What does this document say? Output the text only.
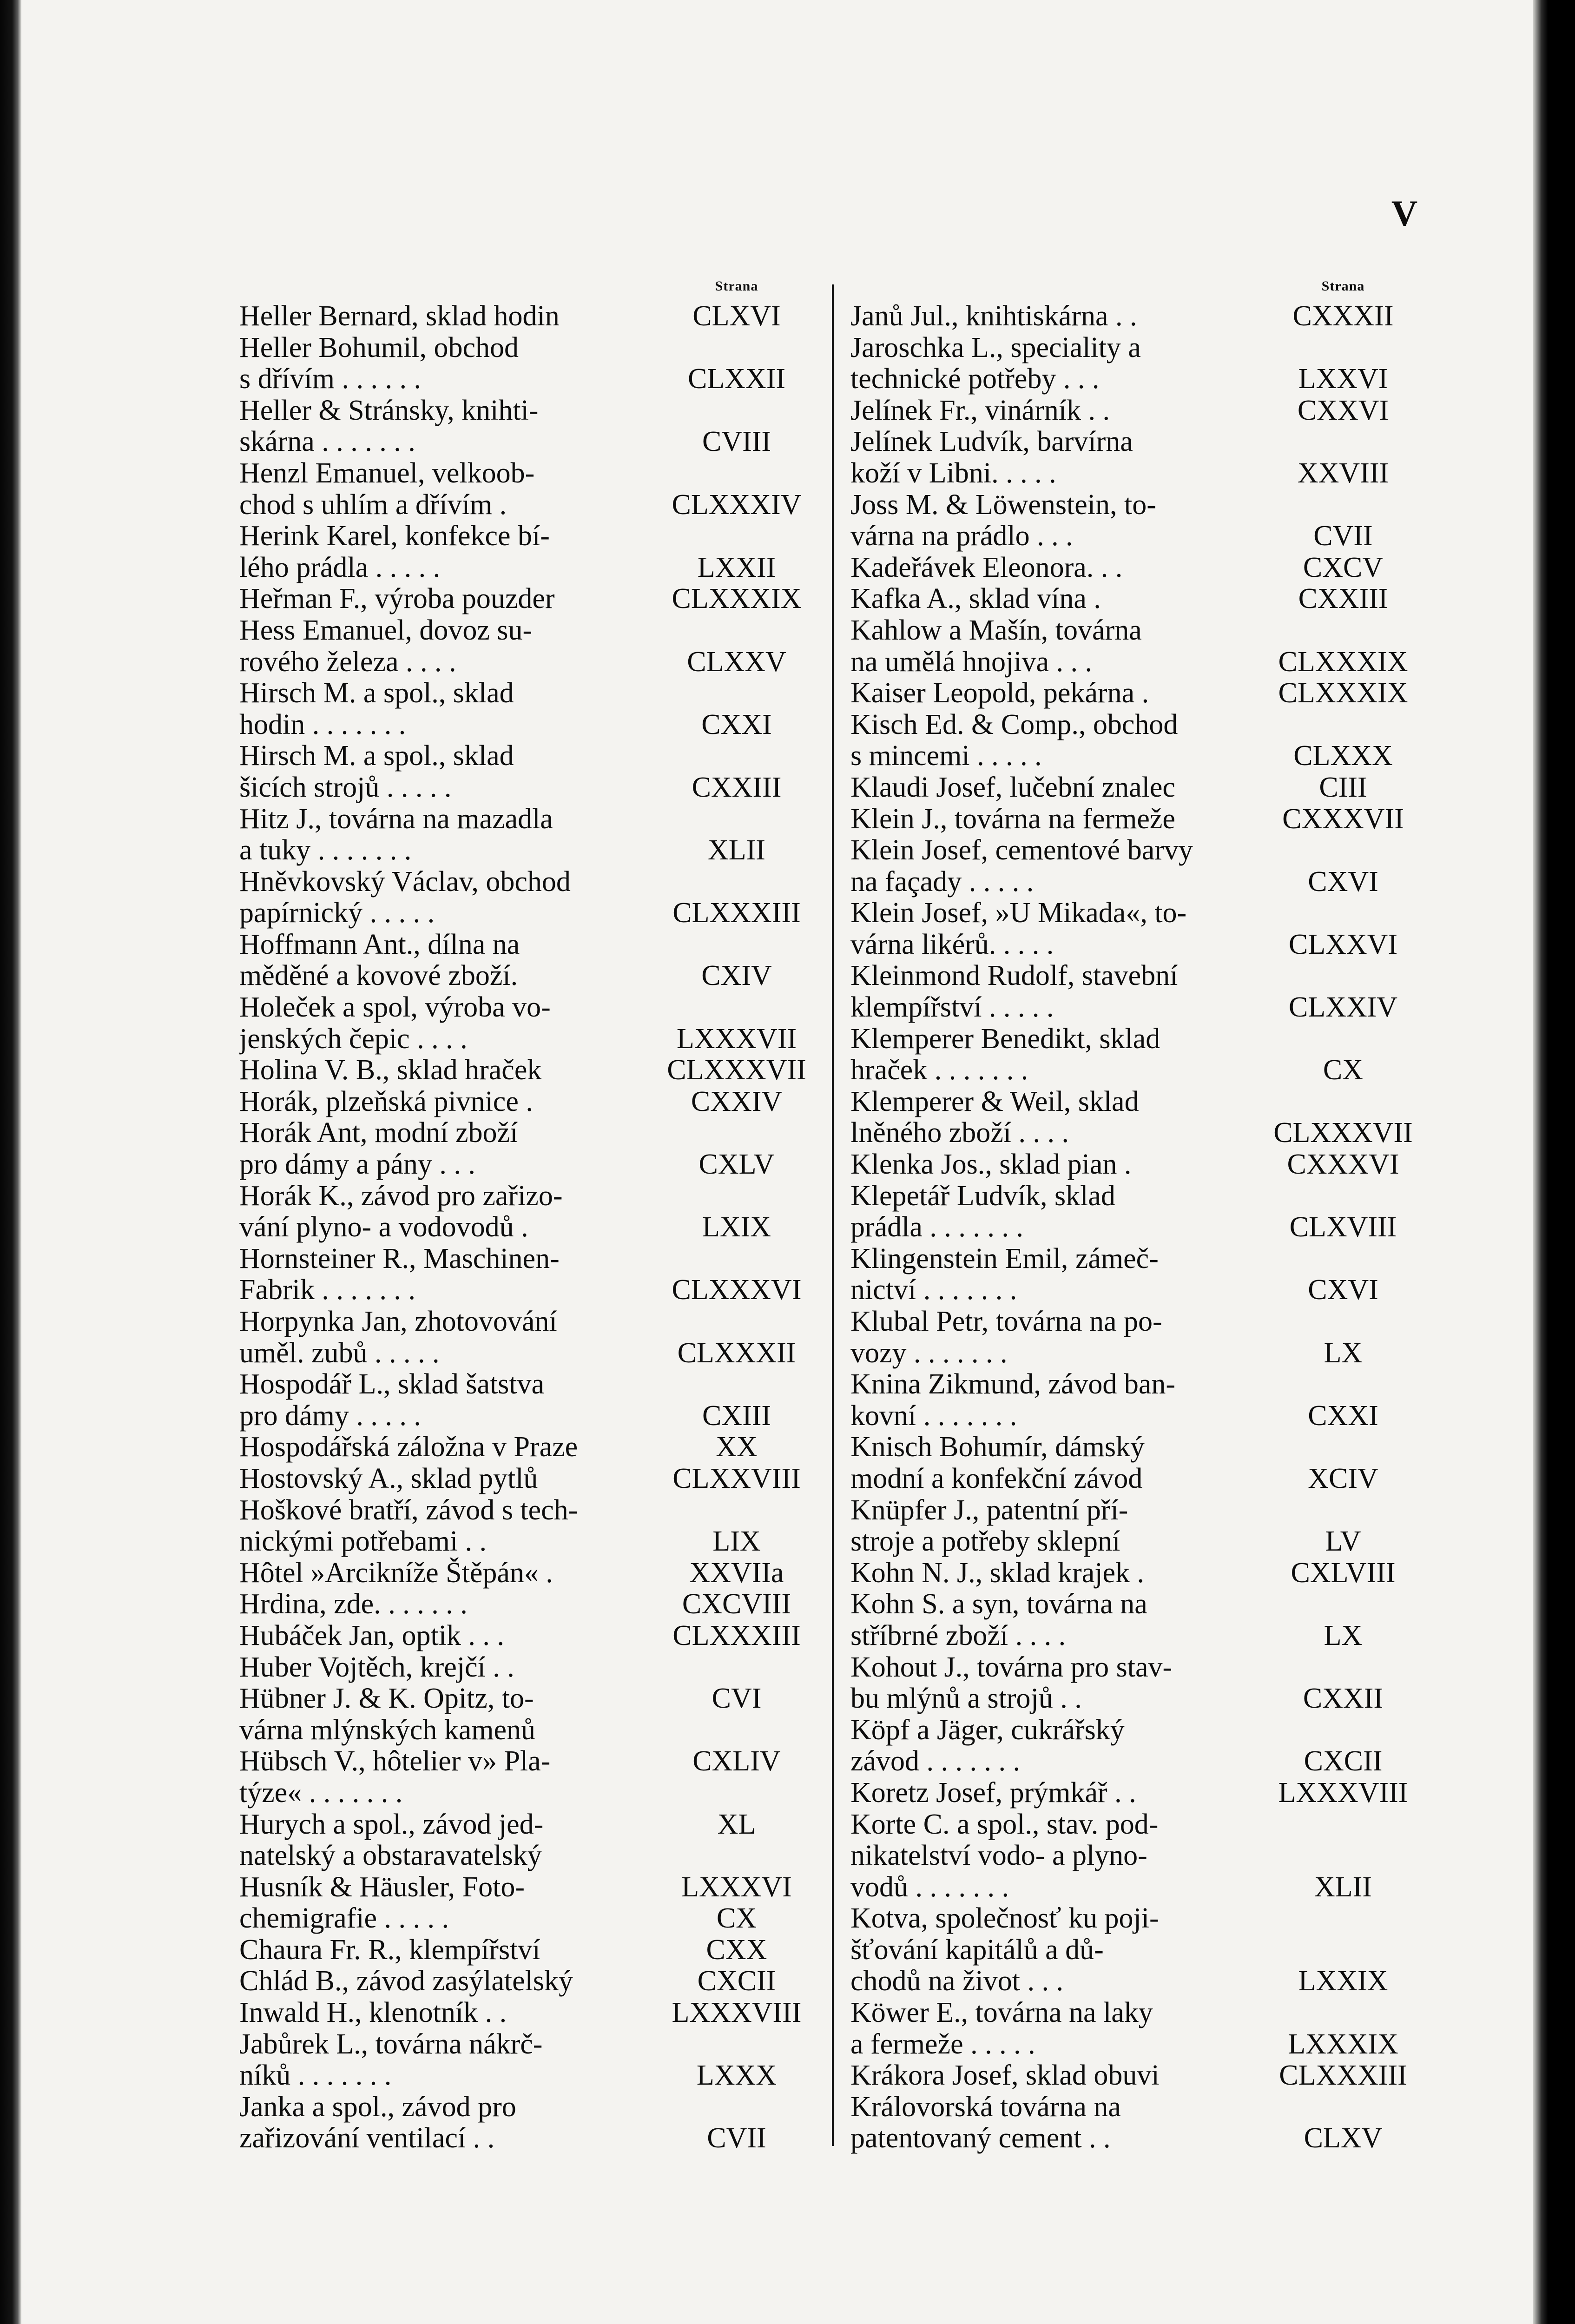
V
Strana
Heller Bernard, sklad hodin	CLXVI
Heller Bohumil, obchod
s dřívím . . . . . .	CLXXII
Heller & Stránsky, knihti-
skárna . . . . . . .	CVIII
Henzl Emanuel, velkoob-
chod s uhlím a dřívím .	CLXXXIV
Herink Karel, konfekce bí-
lého prádla . . . . .	LXXII
Heřman F., výroba pouzder	CLXXXIX
Hess Emanuel, dovoz su-
rového železa . . . .	CLXXV
Hirsch M. a spol., sklad
hodin . . . . . . .	CXXI
Hirsch M. a spol., sklad
šicích strojů . . . . .	CXXIII
Hitz J., továrna na mazadla
a tuky . . . . . . .	XLII
Hněvkovský Václav, obchod
papírnický . . . . .	CLXXXIII
Hoffmann Ant., dílna na
měděné a kovové zboží.	CXIV
Holeček a spol, výroba vo-
jenských čepic . . . .	LXXXVII
Holina V. B., sklad hraček	CLXXXVII
Horák, plzeňská pivnice .	CXXIV
Horák Ant, modní zboží
pro dámy a pány . . .	CXLV
Horák K., závod pro zařizo-
vání plyno- a vodovodů .	LXIX
Hornsteiner R., Maschinen-
Fabrik . . . . . . .	CLXXXVI
Horpynka Jan, zhotovování
uměl. zubů . . . . .	CLXXXII
Hospodář L., sklad šatstva
pro dámy . . . . .	CXIII
Hospodářská záložna v Praze	XX
Hostovský A., sklad pytlů	CLXXVIII
Hoškové bratří, závod s tech-
nickými potřebami . .	LIX
Hôtel »Arcikníže Štěpán« .	XXVIIa
Hrdina, zde. . . . . . .	CXCVIII
Hubáček Jan, optik . . .	CLXXXIII
Huber Vojtěch, krejčí . .
Hübner J. & K. Opitz, to-	CVI
várna mlýnských kamenů
Hübsch V., hôtelier v» Pla-	CXLIV
týze« . . . . . . .
Hurych a spol., závod jed-	XL
natelský a obstaravatelský
Husník & Häusler, Foto-	LXXXVI
chemigrafie . . . . .	CX
Chaura Fr. R., klempířství	CXX
Chlád B., závod zasýlatelský	CXCII
Inwald H., klenotník . .	LXXXVIII
Jabůrek L., továrna nákrč-
níků . . . . . . .	LXXX
Janka a spol., závod pro
zařizování ventilací . .	CVII
Strana
Janů Jul., knihtiskárna . .	CXXXII
Jaroschka L., speciality a
technické potřeby . . .	LXXVI
Jelínek Fr., vinárník . .	CXXVI
Jelínek Ludvík, barvírna
koží v Libni. . . . .	XXVIII
Joss M. & Löwenstein, to-
várna na prádlo . . .	CVII
Kadeřávek Eleonora. . .	CXCV
Kafka A., sklad vína .	CXXIII
Kahlow a Mašín, továrna
na umělá hnojiva . . .	CLXXXIX
Kaiser Leopold, pekárna .	CLXXXIX
Kisch Ed. & Comp., obchod
s mincemi . . . . .	CLXXX
Klaudi Josef, lučební znalec	CIII
Klein J., továrna na fermeže	CXXXVII
Klein Josef, cementové barvy
na façady . . . . .	CXVI
Klein Josef, »U Mikada«, to-
várna likérů. . . . .	CLXXVI
Kleinmond Rudolf, stavební
klempířství . . . . .	CLXXIV
Klemperer Benedikt, sklad
hraček . . . . . . .	CX
Klemperer & Weil, sklad
lněného zboží . . . .	CLXXXVII
Klenka Jos., sklad pian .	CXXXVI
Klepetář Ludvík, sklad
prádla . . . . . . .	CLXVIII
Klingenstein Emil, zámeč-
nictví . . . . . . .	CXVI
Klubal Petr, továrna na po-
vozy . . . . . . .	LX
Knina Zikmund, závod ban-
kovní . . . . . . .	CXXI
Knisch Bohumír, dámský
modní a konfekční závod	XCIV
Knüpfer J., patentní pří-
stroje a potřeby sklepní	LV
Kohn N. J., sklad krajek .	CXLVIII
Kohn S. a syn, továrna na
stříbrné zboží . . . .	LX
Kohout J., továrna pro stav-
bu mlýnů a strojů . .	CXXII
Köpf a Jäger, cukrářský
závod . . . . . . .	CXCII
Koretz Josef, prýmkář . .	LXXXVIII
Korte C. a spol., stav. pod-
nikatelství vodo- a plyno-
vodů . . . . . . .	XLII
Kotva, společnosť ku poji-
šťování kapitálů a dů-
chodů na život . . .	LXXIX
Köwer E., továrna na laky
a fermeže . . . . .	LXXXIX
Krákora Josef, sklad obuvi	CLXXXIII
Královorská továrna na
patentovaný cement . .	CLXV
